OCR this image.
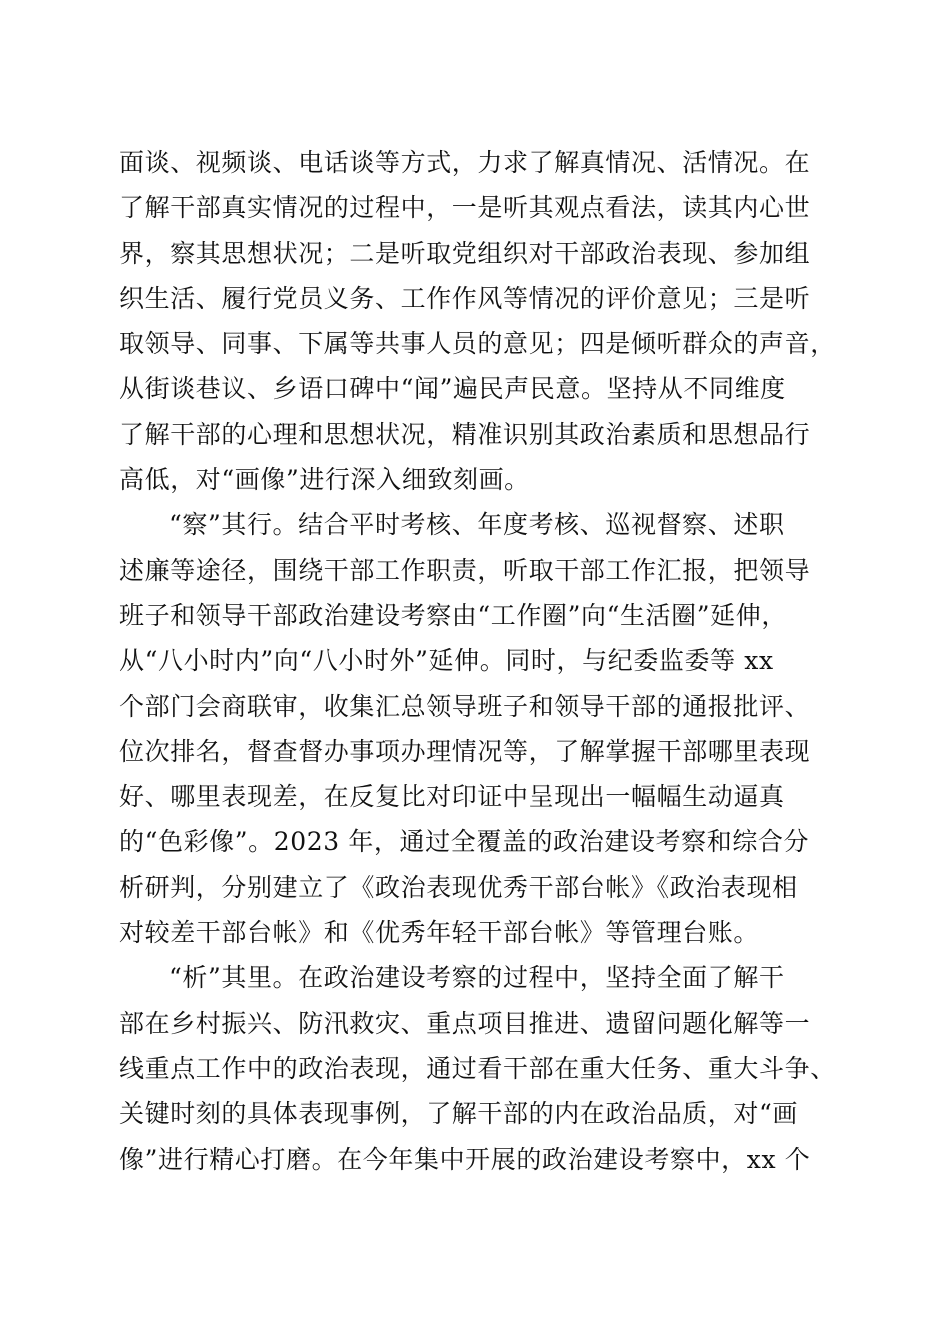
面谈、视频谈、电话谈等方式，力求了解真情况、活情况。在
了解干部真实情况的过程中，一是听其观点看法，读其内心世
界，察其思想状况；二是听取党组织对干部政治表现、参加组
织生活、履行党员义务、工作作风等情况的评价意见；三是听
取领导、同事、下属等共事人员的意见；四是倾听群众的声音，
从街谈巷议、乡语口碑中“闻”遍民声民意。坚持从不同维度
了解干部的心理和思想状况，精准识别其政治素质和思想品行
高低，对“画像”进行深入细致刻画。
“察”其行。结合平时考核、年度考核、巡视督察、述职
述廉等途径，围绕干部工作职责，听取干部工作汇报，把领导
班子和领导干部政治建设考察由“工作圈”向“生活圈”延伸，
从“八小时内”向“八小时外”延伸。同时，与纪委监委等 xx
个部门会商联审，收集汇总领导班子和领导干部的通报批评、
位次排名，督查督办事项办理情况等，了解掌握干部哪里表现
好、哪里表现差，在反复比对印证中呈现出一幅幅生动逼真
的“色彩像”。2023 年，通过全覆盖的政治建设考察和综合分
析研判，分别建立了《政治表现优秀干部台帐》《政治表现相
对较差干部台帐》和《优秀年轻干部台帐》等管理台账。
“析”其里。在政治建设考察的过程中，坚持全面了解干
部在乡村振兴、防汛救灾、重点项目推进、遗留问题化解等一
线重点工作中的政治表现，通过看干部在重大任务、重大斗争、
关键时刻的具体表现事例，了解干部的内在政治品质，对“画
像”进行精心打磨。在今年集中开展的政治建设考察中，xx 个
